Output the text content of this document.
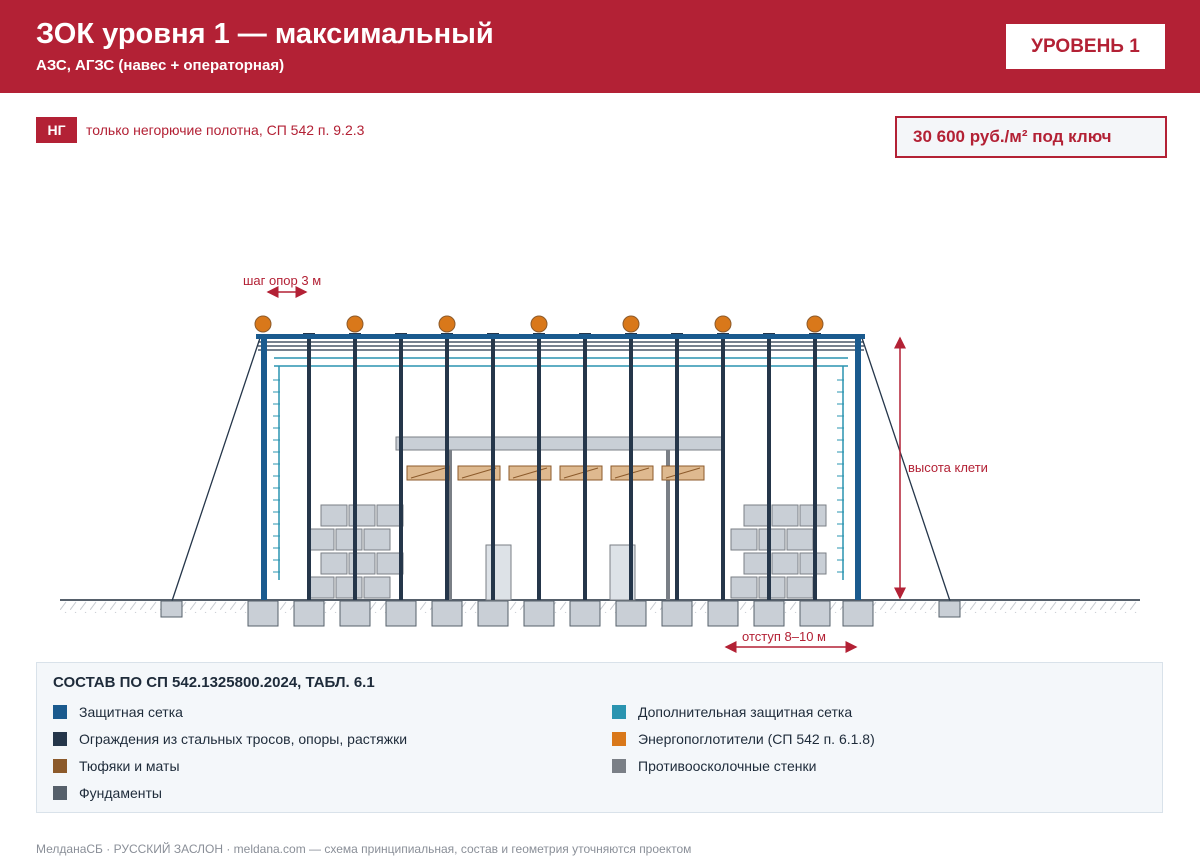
ЗОК уровня 1 — максимальный
АЗС, АГЗС (навес + операторная)
УРОВЕНЬ 1
НГ	только негорючие полотна, СП 542 п. 9.2.3	30 600 руб./м² под ключ
шаг опор 3 м
высота клети
отступ 8–10 м
СОСТАВ ПО СП 542.1325800.2024, ТАБЛ. 6.1
Защитная сетка	Дополнительная защитная сетка
Ограждения из стальных тросов, опоры, растяжки	Энергопоглотители (СП 542 п. 6.1.8)
Тюфяки и маты	Противоосколочные стенки
Фундаменты
МелданаСБ · РУССКИЙ ЗАСЛОН · meldana.com — схема принципиальная, состав и геометрия уточняются проектом
